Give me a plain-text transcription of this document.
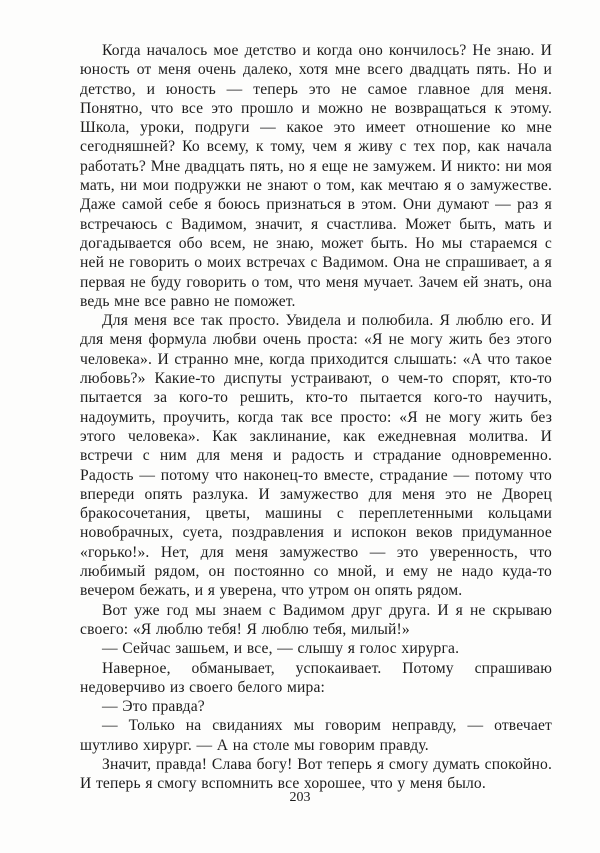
Когда началось мое детство и когда оно кончилось? Не знаю. И юность от меня очень далеко, хотя мне всего двадцать пять. Но и детство, и юность — теперь это не самое главное для меня. Понятно, что все это прошло и можно не возвращаться к этому. Школа, уроки, подруги — какое это имеет отношение ко мне сегодняшней? Ко всему, к тому, чем я живу с тех пор, как начала работать? Мне двадцать пять, но я еще не замужем. И никто: ни моя мать, ни мои подружки не знают о том, как мечтаю я о замужестве. Даже самой себе я боюсь признаться в этом. Они думают — раз я встречаюсь с Вадимом, значит, я счастлива. Может быть, мать и догадывается обо всем, не знаю, может быть. Но мы стараемся с ней не говорить о моих встречах с Вадимом. Она не спрашивает, а я первая не буду говорить о том, что меня мучает. Зачем ей знать, она ведь мне все равно не поможет.

Для меня все так просто. Увидела и полюбила. Я люблю его. И для меня формула любви очень проста: «Я не могу жить без этого человека». И странно мне, когда приходится слышать: «А что такое любовь?» Какие-то диспуты устраивают, о чем-то спорят, кто-то пытается за кого-то решить, кто-то пытается кого-то научить, надоумить, проучить, когда так все просто: «Я не могу жить без этого человека». Как заклинание, как ежедневная молитва. И встречи с ним для меня и радость и страдание одновременно. Радость — потому что наконец-то вместе, страдание — потому что впереди опять разлука. И замужество для меня это не Дворец бракосочетания, цветы, машины с переплетенными кольцами новобрачных, суета, поздравления и испокон веков придуманное «горько!». Нет, для меня замужество — это уверенность, что любимый рядом, он постоянно со мной, и ему не надо куда-то вечером бежать, и я уверена, что утром он опять рядом.

Вот уже год мы знаем с Вадимом друг друга. И я не скрываю своего: «Я люблю тебя! Я люблю тебя, милый!»

— Сейчас зашьем, и все, — слышу я голос хирурга.

Наверное, обманывает, успокаивает. Потому спрашиваю недоверчиво из своего белого мира:

— Это правда?

— Только на свиданиях мы говорим неправду, — отвечает шутливо хирург. — А на столе мы говорим правду.

Значит, правда! Слава богу! Вот теперь я смогу думать спокойно. И теперь я смогу вспомнить все хорошее, что у меня было.

203
